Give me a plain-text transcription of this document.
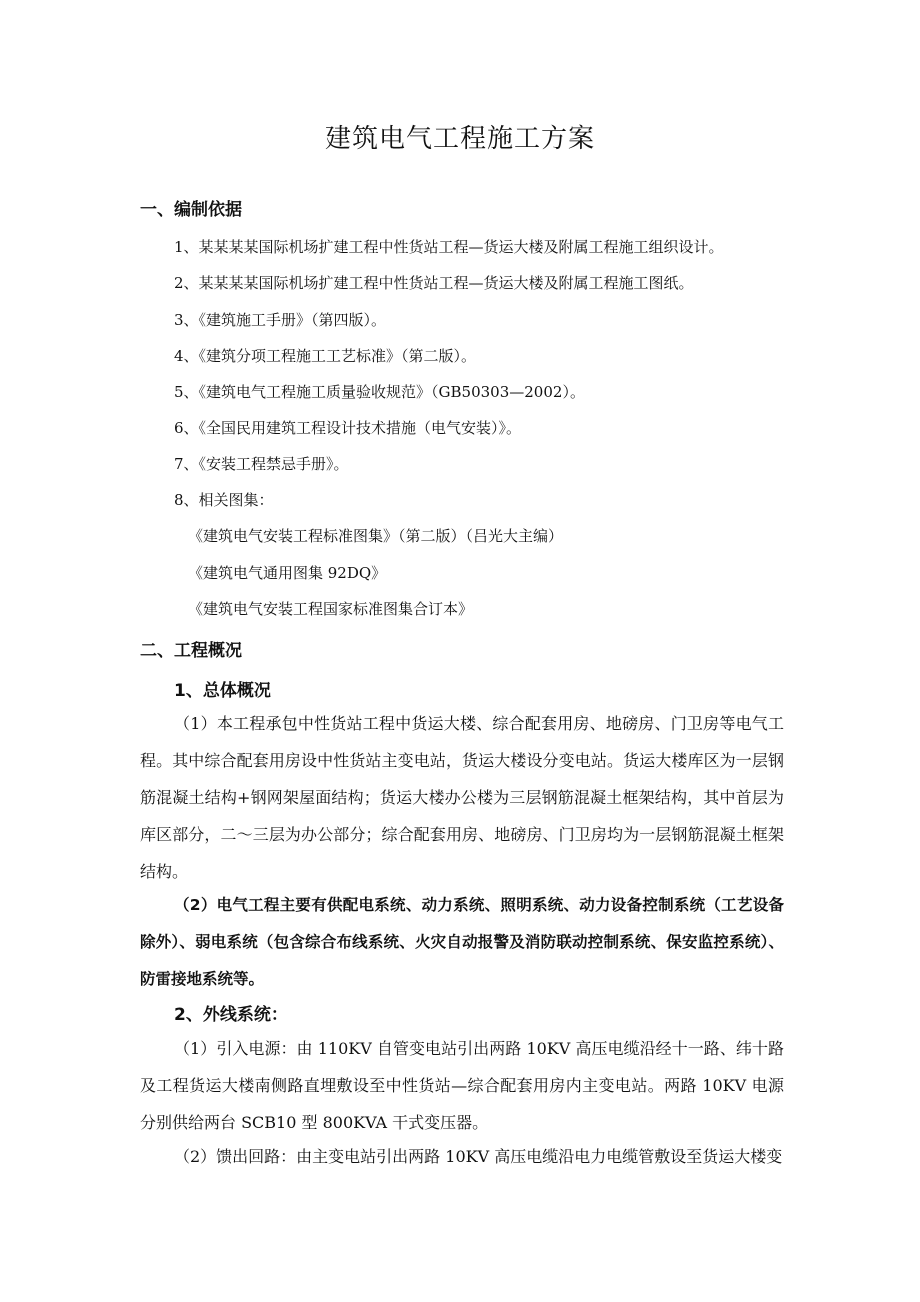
建筑电气工程施工方案
一、编制依据
1、某某某某国际机场扩建工程中性货站工程—货运大楼及附属工程施工组织设计。
2、某某某某国际机场扩建工程中性货站工程—货运大楼及附属工程施工图纸。
3、《建筑施工手册》（第四版）。
4、《建筑分项工程施工工艺标准》（第二版）。
5、《建筑电气工程施工质量验收规范》（GB50303—2002）。
6、《全国民用建筑工程设计技术措施（电气安装）》。
7、《安装工程禁忌手册》。
8、相关图集：
《建筑电气安装工程标准图集》（第二版）（吕光大主编）
《建筑电气通用图集 92DQ》
《建筑电气安装工程国家标准图集合订本》
二、工程概况
1、总体概况
（1）本工程承包中性货站工程中货运大楼、综合配套用房、地磅房、门卫房等电气工程。其中综合配套用房设中性货站主变电站，货运大楼设分变电站。货运大楼库区为一层钢筋混凝土结构+钢网架屋面结构；货运大楼办公楼为三层钢筋混凝土框架结构，其中首层为库区部分，二～三层为办公部分；综合配套用房、地磅房、门卫房均为一层钢筋混凝土框架结构。
（2）电气工程主要有供配电系统、动力系统、照明系统、动力设备控制系统（工艺设备除外）、弱电系统（包含综合布线系统、火灾自动报警及消防联动控制系统、保安监控系统）、防雷接地系统等。
2、外线系统：
（1）引入电源：由 110KV 自管变电站引出两路 10KV 高压电缆沿经十一路、纬十路及工程货运大楼南侧路直埋敷设至中性货站—综合配套用房内主变电站。两路 10KV 电源分别供给两台 SCB10 型 800KVA 干式变压器。
（2）馈出回路：由主变电站引出两路 10KV 高压电缆沿电力电缆管敷设至货运大楼变
